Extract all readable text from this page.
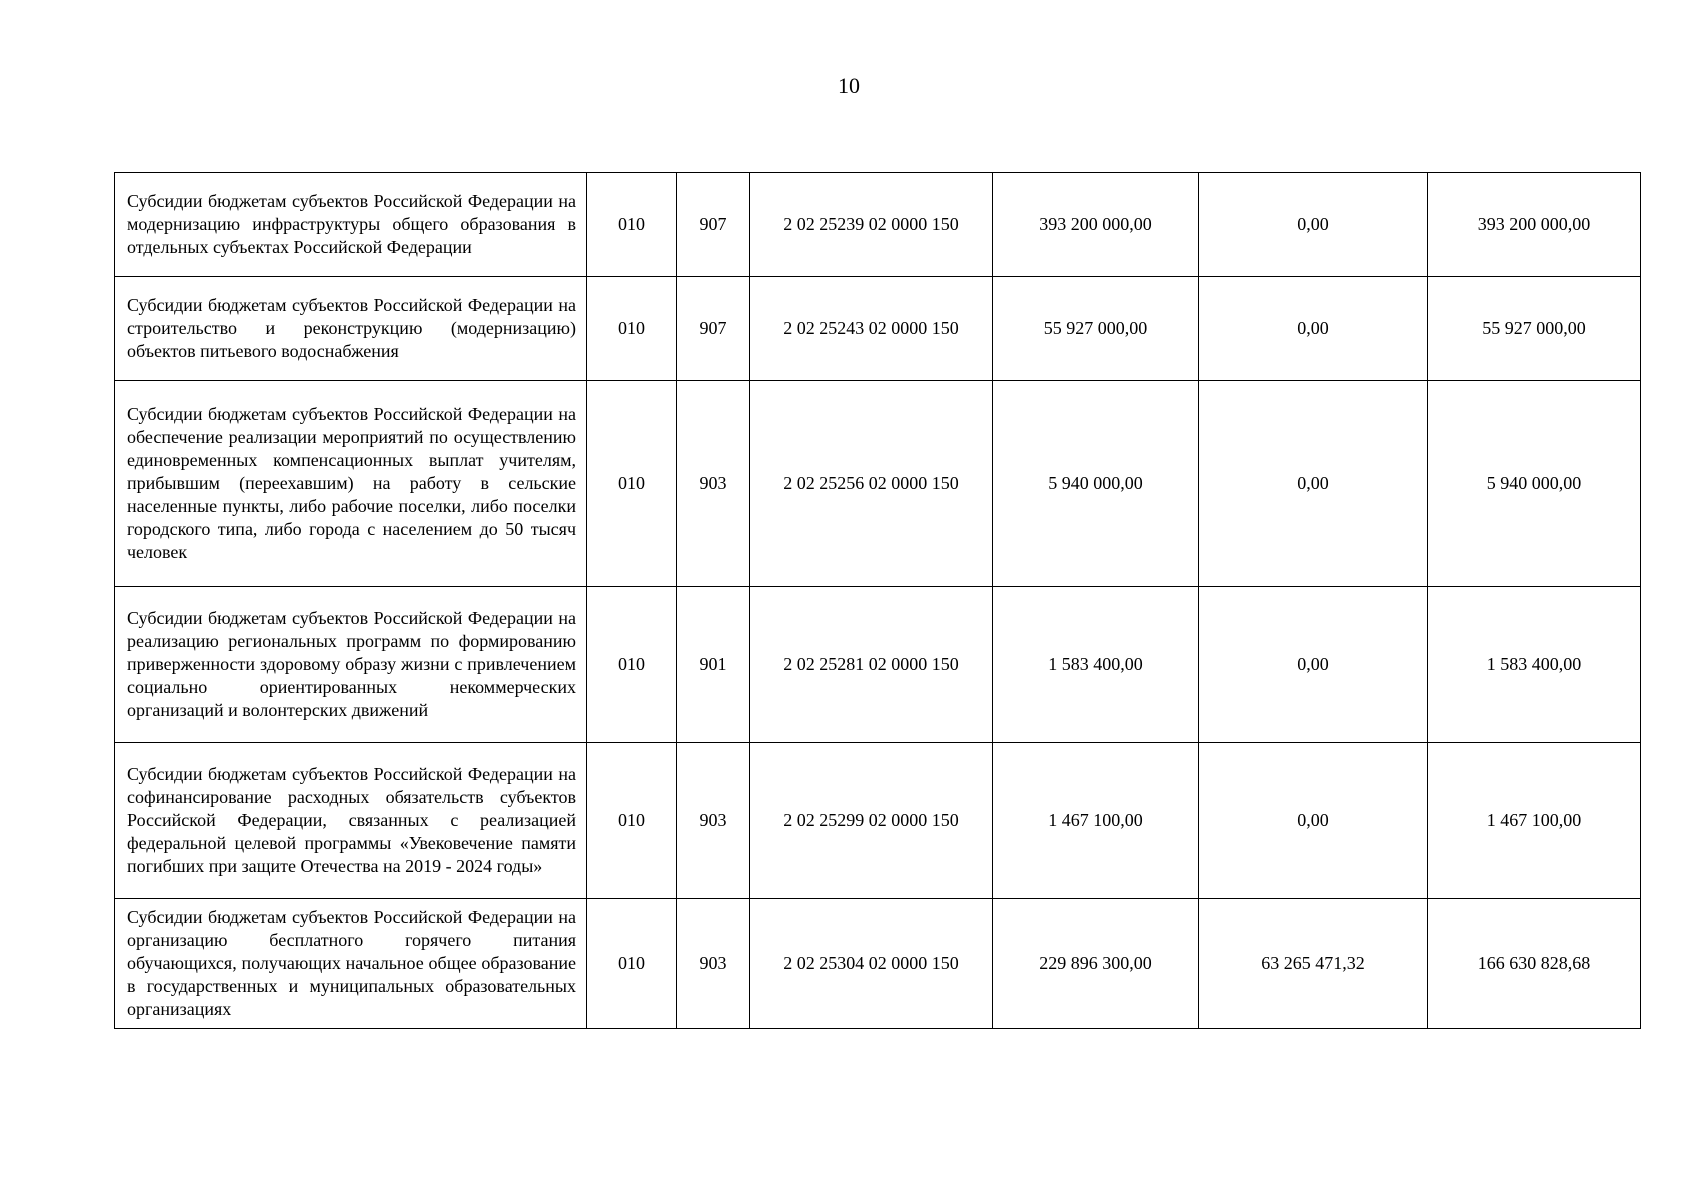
10
Субсидии бюджетам субъектов Российской Федерации на модернизацию инфраструктуры общего образования в отдельных субъектах Российской Федерации	010	907	2 02 25239 02 0000 150	393 200 000,00	0,00	393 200 000,00
Субсидии бюджетам субъектов Российской Федерации на строительство и реконструкцию (модернизацию) объектов питьевого водоснабжения	010	907	2 02 25243 02 0000 150	55 927 000,00	0,00	55 927 000,00
Субсидии бюджетам субъектов Российской Федерации на обеспечение реализации мероприятий по осуществлению единовременных компенсационных выплат учителям, прибывшим (переехавшим) на работу в сельские населенные пункты, либо рабочие поселки, либо поселки городского типа, либо города с населением до 50 тысяч человек	010	903	2 02 25256 02 0000 150	5 940 000,00	0,00	5 940 000,00
Субсидии бюджетам субъектов Российской Федерации на реализацию региональных программ по формированию приверженности здоровому образу жизни с привлечением социально ориентированных некоммерческих организаций и волонтерских движений	010	901	2 02 25281 02 0000 150	1 583 400,00	0,00	1 583 400,00
Субсидии бюджетам субъектов Российской Федерации на софинансирование расходных обязательств субъектов Российской Федерации, связанных с реализацией федеральной целевой программы «Увековечение памяти погибших при защите Отечества на 2019 - 2024 годы»	010	903	2 02 25299 02 0000 150	1 467 100,00	0,00	1 467 100,00
Субсидии бюджетам субъектов Российской Федерации на организацию бесплатного горячего питания обучающихся, получающих начальное общее образование в государственных и муниципальных образовательных организациях	010	903	2 02 25304 02 0000 150	229 896 300,00	63 265 471,32	166 630 828,68
